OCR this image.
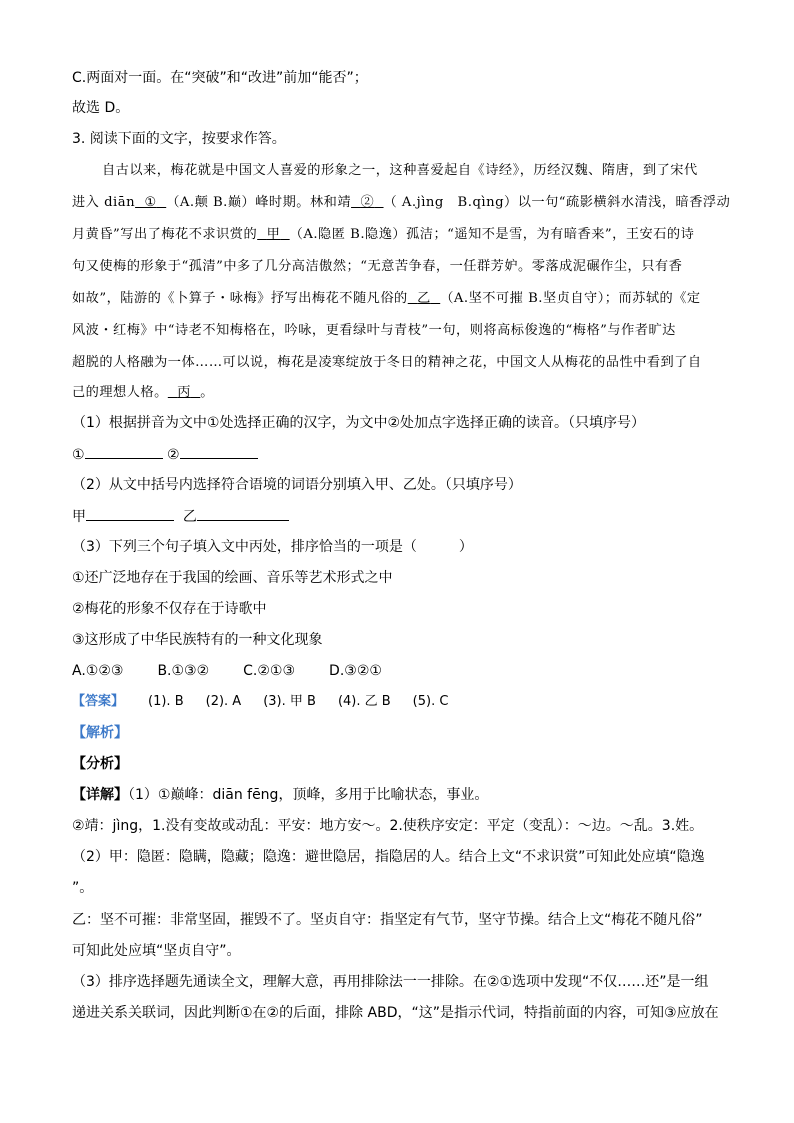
C.两面对一面。在“突破”和“改进”前加“能否”；
故选 D。
3. 阅读下面的文字，按要求作答。
自古以来，梅花就是中国文人喜爱的形象之一，这种喜爱起自《诗经》，历经汉魏、隋唐，到了宋代
进入 diān ① （A.颠 B.巅）峰时期。林和靖 ② （ A.jìng　B.qìng）以一句“疏影横斜水清浅，暗香浮动
月黄昏”写出了梅花不求识赏的 甲 （A.隐匿 B.隐逸）孤洁；“遥知不是雪，为有暗香来”，王安石的诗
句又使梅的形象于“孤清”中多了几分高洁傲然；“无意苦争春，一任群芳妒。零落成泥碾作尘，只有香
如故”，陆游的《卜算子・咏梅》抒写出梅花不随凡俗的 乙 （A.坚不可摧 B.坚贞自守）；而苏轼的《定
风波・红梅》中“诗老不知梅格在，吟咏，更看绿叶与青枝”一句，则将高标俊逸的“梅格”与作者旷达
超脱的人格融为一体……可以说，梅花是凌寒绽放于冬日的精神之花，中国文人从梅花的品性中看到了自
己的理想人格。 丙 。
（1）根据拼音为文中①处选择正确的汉字，为文中②处加点字选择正确的读音。（只填序号）
①	②
（2）从文中括号内选择符合语境的词语分别填入甲、乙处。（只填序号）
甲	乙
（3）下列三个句子填入文中丙处，排序恰当的一项是（　　　）
①还广泛地存在于我国的绘画、音乐等艺术形式之中
②梅花的形象不仅存在于诗歌中
③这形成了中华民族特有的一种文化现象
A.①②③ B.①③② C.②①③ D.③②①
【答案】 (1). B (2). A (3). 甲 B (4). 乙 B (5). C
【解析】
【分析】
【详解】（1）①巅峰：diān fēng，顶峰，多用于比喻状态，事业。
②靖：jìng，1.没有变故或动乱：平安：地方安～。2.使秩序安定：平定（变乱）：～边。～乱。3.姓。
（2）甲：隐匿：隐瞒，隐藏；隐逸：避世隐居，指隐居的人。结合上文“不求识赏”可知此处应填“隐逸
”。
乙：坚不可摧：非常坚固，摧毁不了。坚贞自守：指坚定有气节，坚守节操。结合上文“梅花不随凡俗”
可知此处应填“坚贞自守”。
（3）排序选择题先通读全文，理解大意，再用排除法一一排除。在②①选项中发现“不仅……还”是一组
递进关系关联词，因此判断①在②的后面，排除 ABD，“这”是指示代词，特指前面的内容，可知③应放在
